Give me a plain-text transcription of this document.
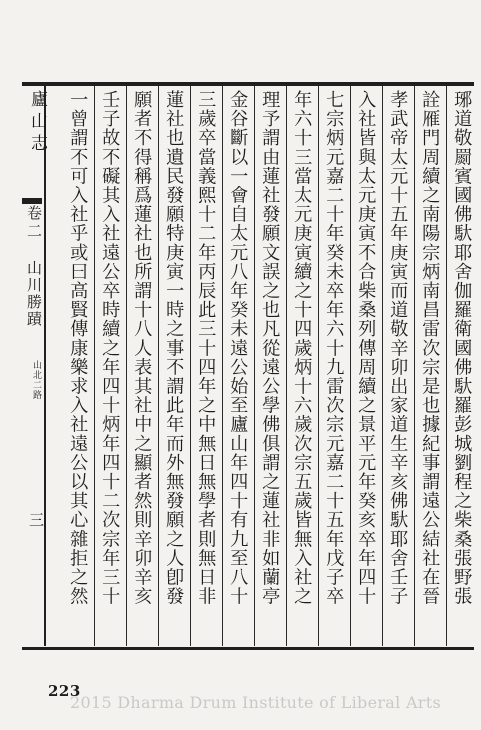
廬山志
卷二
山川勝蹟
山北二路
三	琊道敬罽賓國佛馱耶舍伽羅衛國佛馱羅彭城劉程之柴桑張野張
詮雁門周續之南陽宗炳南昌雷次宗是也據紀事謂遠公結社在晉
孝武帝太元十五年庚寅而道敬辛卯出家道生辛亥佛馱耶舍壬子
入社皆與太元庚寅不合柴桑列傳周續之景平元年癸亥卒年四十
七宗炳元嘉二十年癸未卒年六十九雷次宗元嘉二十五年戊子卒
年六十三當太元庚寅續之十四歲炳十六歲次宗五歲皆無入社之
理予謂由蓮社發願文誤之也凡從遠公學佛俱謂之蓮社非如蘭亭
金谷斷以一會自太元八年癸未遠公始至廬山年四十有九至八十
三歲卒當義熙十二年丙辰此三十四年之中無日無學者則無日非
蓮社也遺民發願特庚寅一時之事不謂此年而外無發願之人卽發
願者不得稱爲蓮社也所謂十八人表其社中之顯者然則辛卯辛亥
壬子故不礙其入社遠公卒時續之年四十炳年四十二次宗年三十
一曾謂不可入社乎或曰高賢傳康樂求入社遠公以其心雜拒之然
223
2015 Dharma Drum Institute of Liberal Arts
